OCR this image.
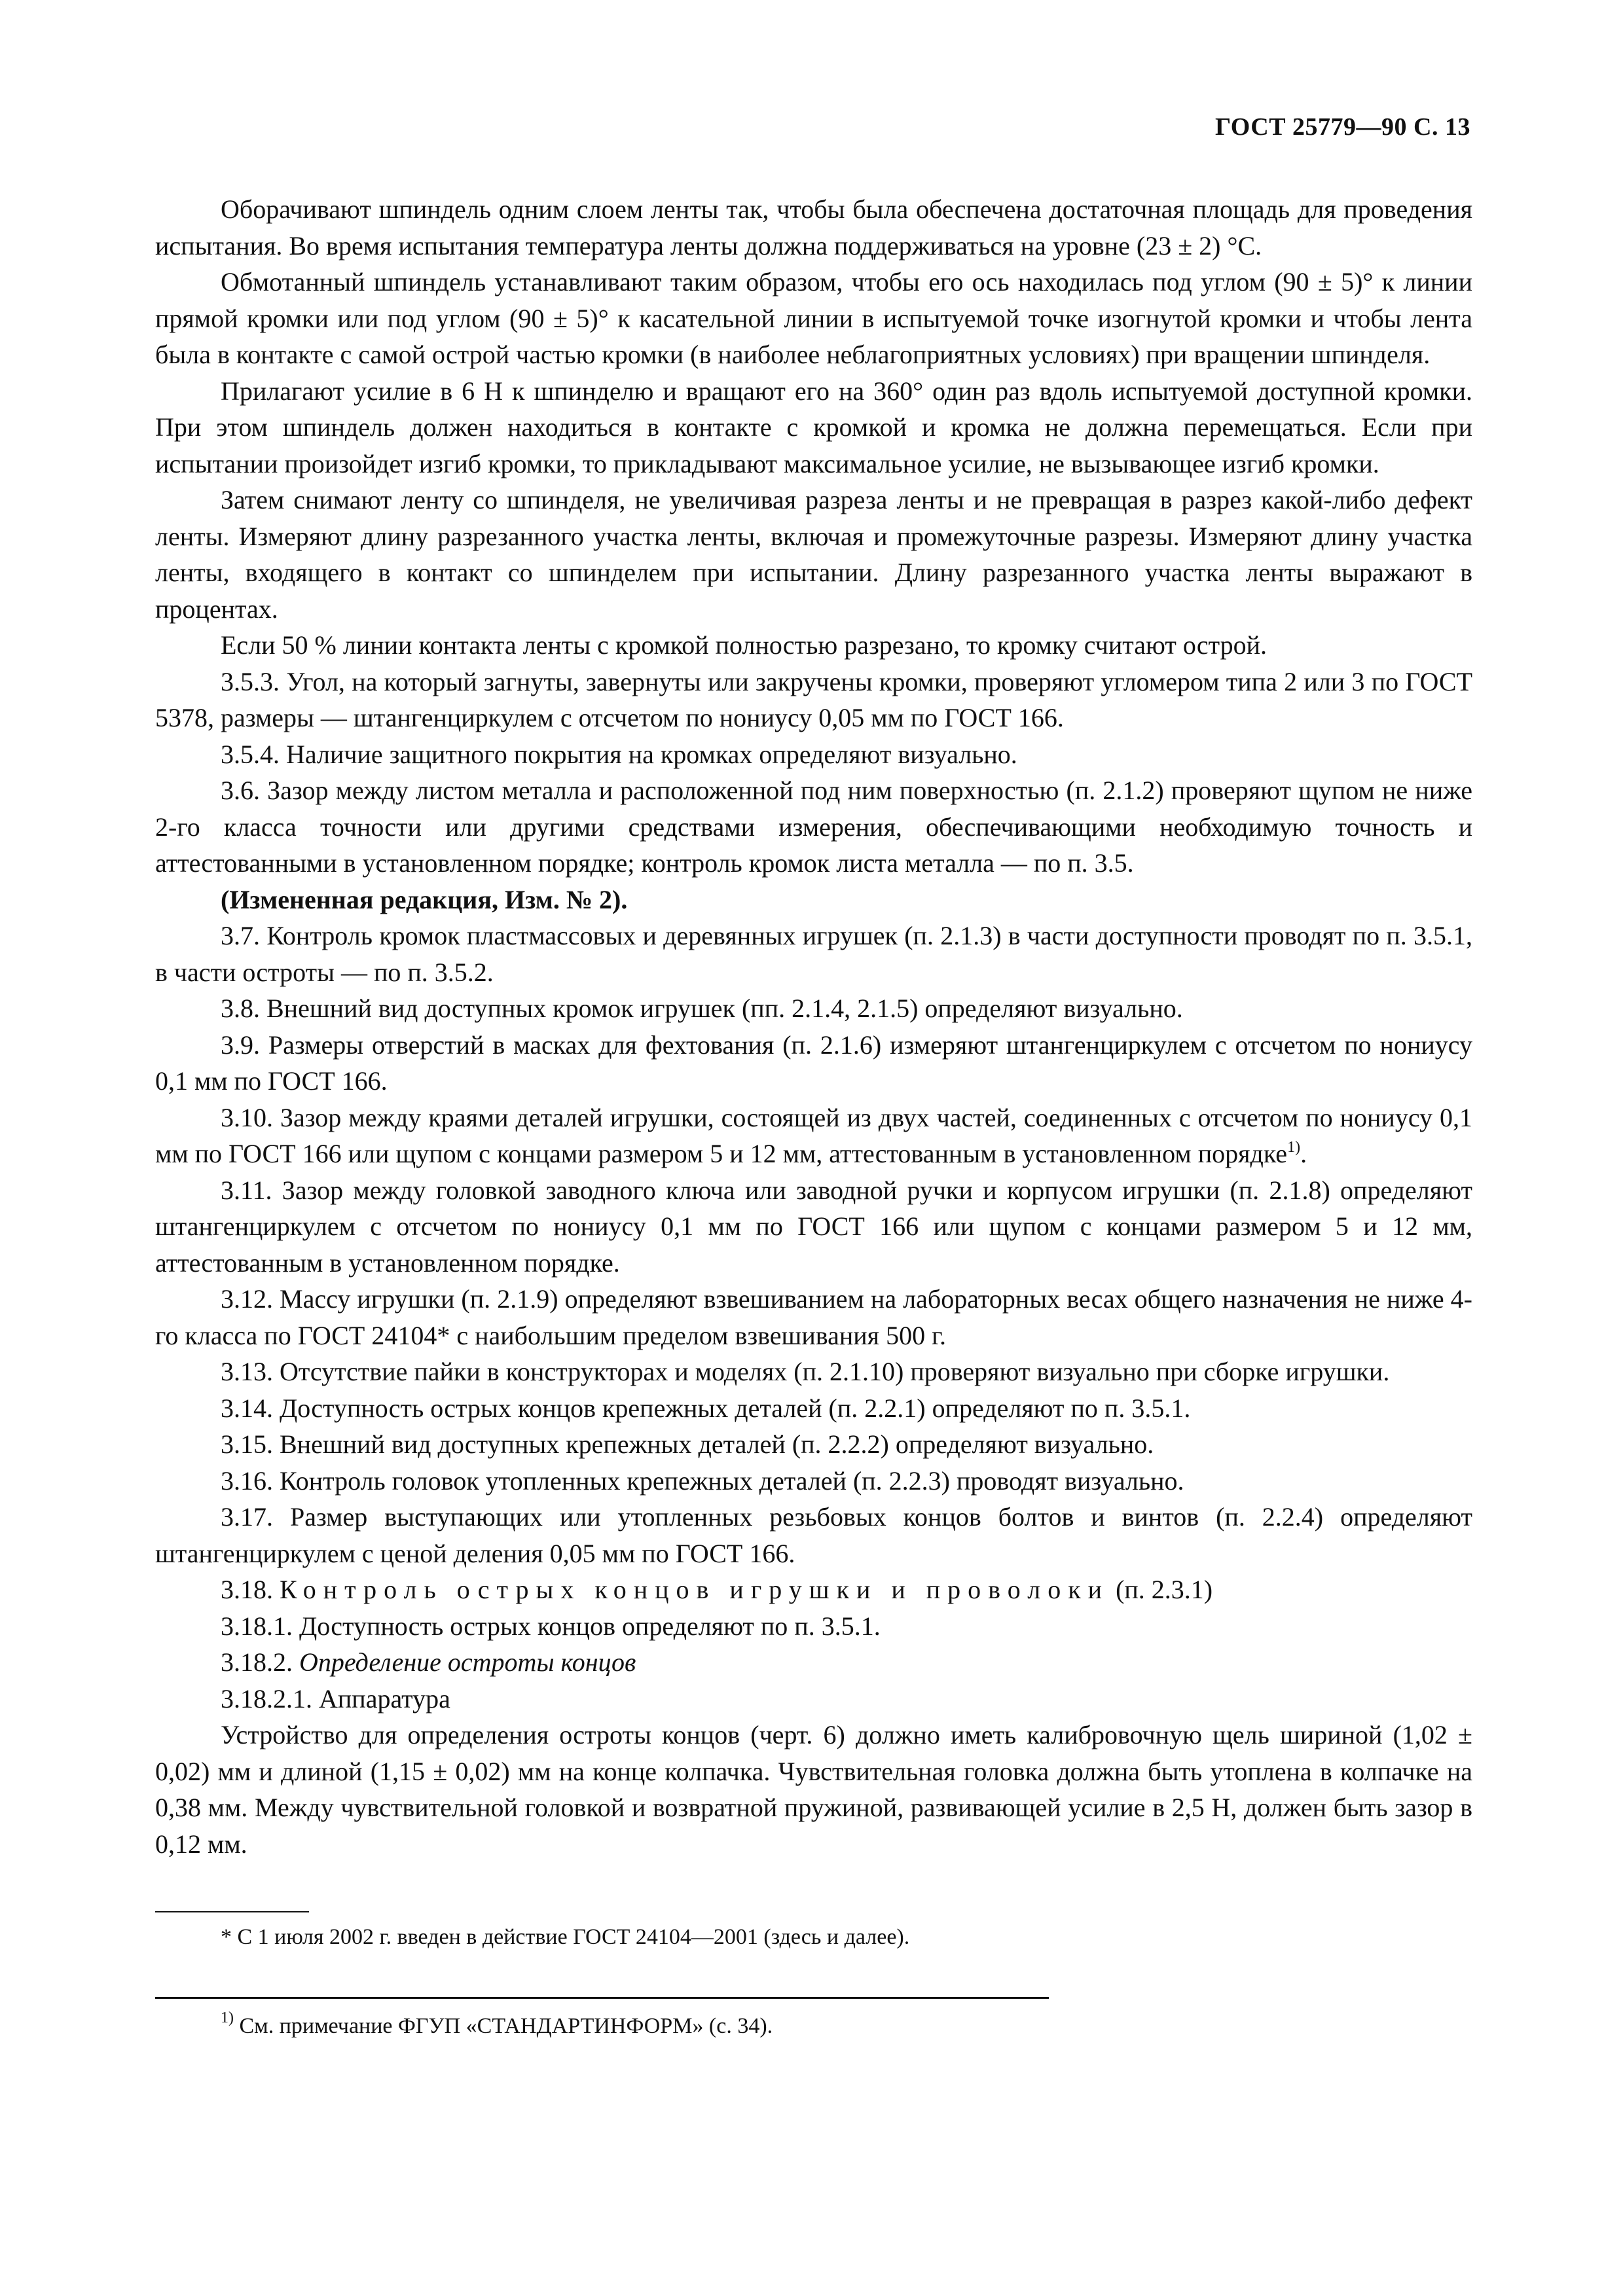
ГОСТ 25779—90 С. 13

Оборачивают шпиндель одним слоем ленты так, чтобы была обеспечена достаточная площадь для проведения испытания. Во время испытания температура ленты должна поддерживаться на уровне (23 ± 2) °С.

Обмотанный шпиндель устанавливают таким образом, чтобы его ось находилась под углом (90 ± 5)° к линии прямой кромки или под углом (90 ± 5)° к касательной линии в испытуемой точке изогнутой кромки и чтобы лента была в контакте с самой острой частью кромки (в наиболее неблагоприятных условиях) при вращении шпинделя.

Прилагают усилие в 6 Н к шпинделю и вращают его на 360° один раз вдоль испытуемой доступной кромки. При этом шпиндель должен находиться в контакте с кромкой и кромка не должна перемещаться. Если при испытании произойдет изгиб кромки, то прикладывают максимальное усилие, не вызывающее изгиб кромки.

Затем снимают ленту со шпинделя, не увеличивая разреза ленты и не превращая в разрез какой-либо дефект ленты. Измеряют длину разрезанного участка ленты, включая и промежуточные разрезы. Измеряют длину участка ленты, входящего в контакт со шпинделем при испытании. Длину разрезанного участка ленты выражают в процентах.

Если 50 % линии контакта ленты с кромкой полностью разрезано, то кромку считают острой.

3.5.3. Угол, на который загнуты, завернуты или закручены кромки, проверяют угломером типа 2 или 3 по ГОСТ 5378, размеры — штангенциркулем с отсчетом по нониусу 0,05 мм по ГОСТ 166.

3.5.4. Наличие защитного покрытия на кромках определяют визуально.

3.6. Зазор между листом металла и расположенной под ним поверхностью (п. 2.1.2) проверяют щупом не ниже 2-го класса точности или другими средствами измерения, обеспечивающими необходимую точность и аттестованными в установленном порядке; контроль кромок листа металла — по п. 3.5.

(Измененная редакция, Изм. № 2).

3.7. Контроль кромок пластмассовых и деревянных игрушек (п. 2.1.3) в части доступности проводят по п. 3.5.1, в части остроты — по п. 3.5.2.

3.8. Внешний вид доступных кромок игрушек (пп. 2.1.4, 2.1.5) определяют визуально.

3.9. Размеры отверстий в масках для фехтования (п. 2.1.6) измеряют штангенциркулем с отсчетом по нониусу 0,1 мм по ГОСТ 166.

3.10. Зазор между краями деталей игрушки, состоящей из двух частей, соединенных с отсчетом по нониусу 0,1 мм по ГОСТ 166 или щупом с концами размером 5 и 12 мм, аттестованным в установленном порядке$^{1)}$.

3.11. Зазор между головкой заводного ключа или заводной ручки и корпусом игрушки (п. 2.1.8) определяют штангенциркулем с отсчетом по нониусу 0,1 мм по ГОСТ 166 или щупом с концами размером 5 и 12 мм, аттестованным в установленном порядке.

3.12. Массу игрушки (п. 2.1.9) определяют взвешиванием на лабораторных весах общего назначения не ниже 4-го класса по ГОСТ 24104* с наибольшим пределом взвешивания 500 г.

3.13. Отсутствие пайки в конструкторах и моделях (п. 2.1.10) проверяют визуально при сборке игрушки.

3.14. Доступность острых концов крепежных деталей (п. 2.2.1) определяют по п. 3.5.1.

3.15. Внешний вид доступных крепежных деталей (п. 2.2.2) определяют визуально.

3.16. Контроль головок утопленных крепежных деталей (п. 2.2.3) проводят визуально.

3.17. Размер выступающих или утопленных резьбовых концов болтов и винтов (п. 2.2.4) определяют штангенциркулем с ценой деления 0,05 мм по ГОСТ 166.

3.18. Контроль острых концов игрушки и проволоки (п. 2.3.1)

3.18.1. Доступность острых концов определяют по п. 3.5.1.

3.18.2. Определение остроты концов

3.18.2.1. Аппаратура

Устройство для определения остроты концов (черт. 6) должно иметь калибровочную щель шириной (1,02 ± 0,02) мм и длиной (1,15 ± 0,02) мм на конце колпачка. Чувствительная головка должна быть утоплена в колпачке на 0,38 мм. Между чувствительной головкой и возвратной пружиной, развивающей усилие в 2,5 Н, должен быть зазор в 0,12 мм.

* С 1 июля 2002 г. введен в действие ГОСТ 24104—2001 (здесь и далее).
$^{1)}$ См. примечание ФГУП «СТАНДАРТИНФОРМ» (с. 34).
